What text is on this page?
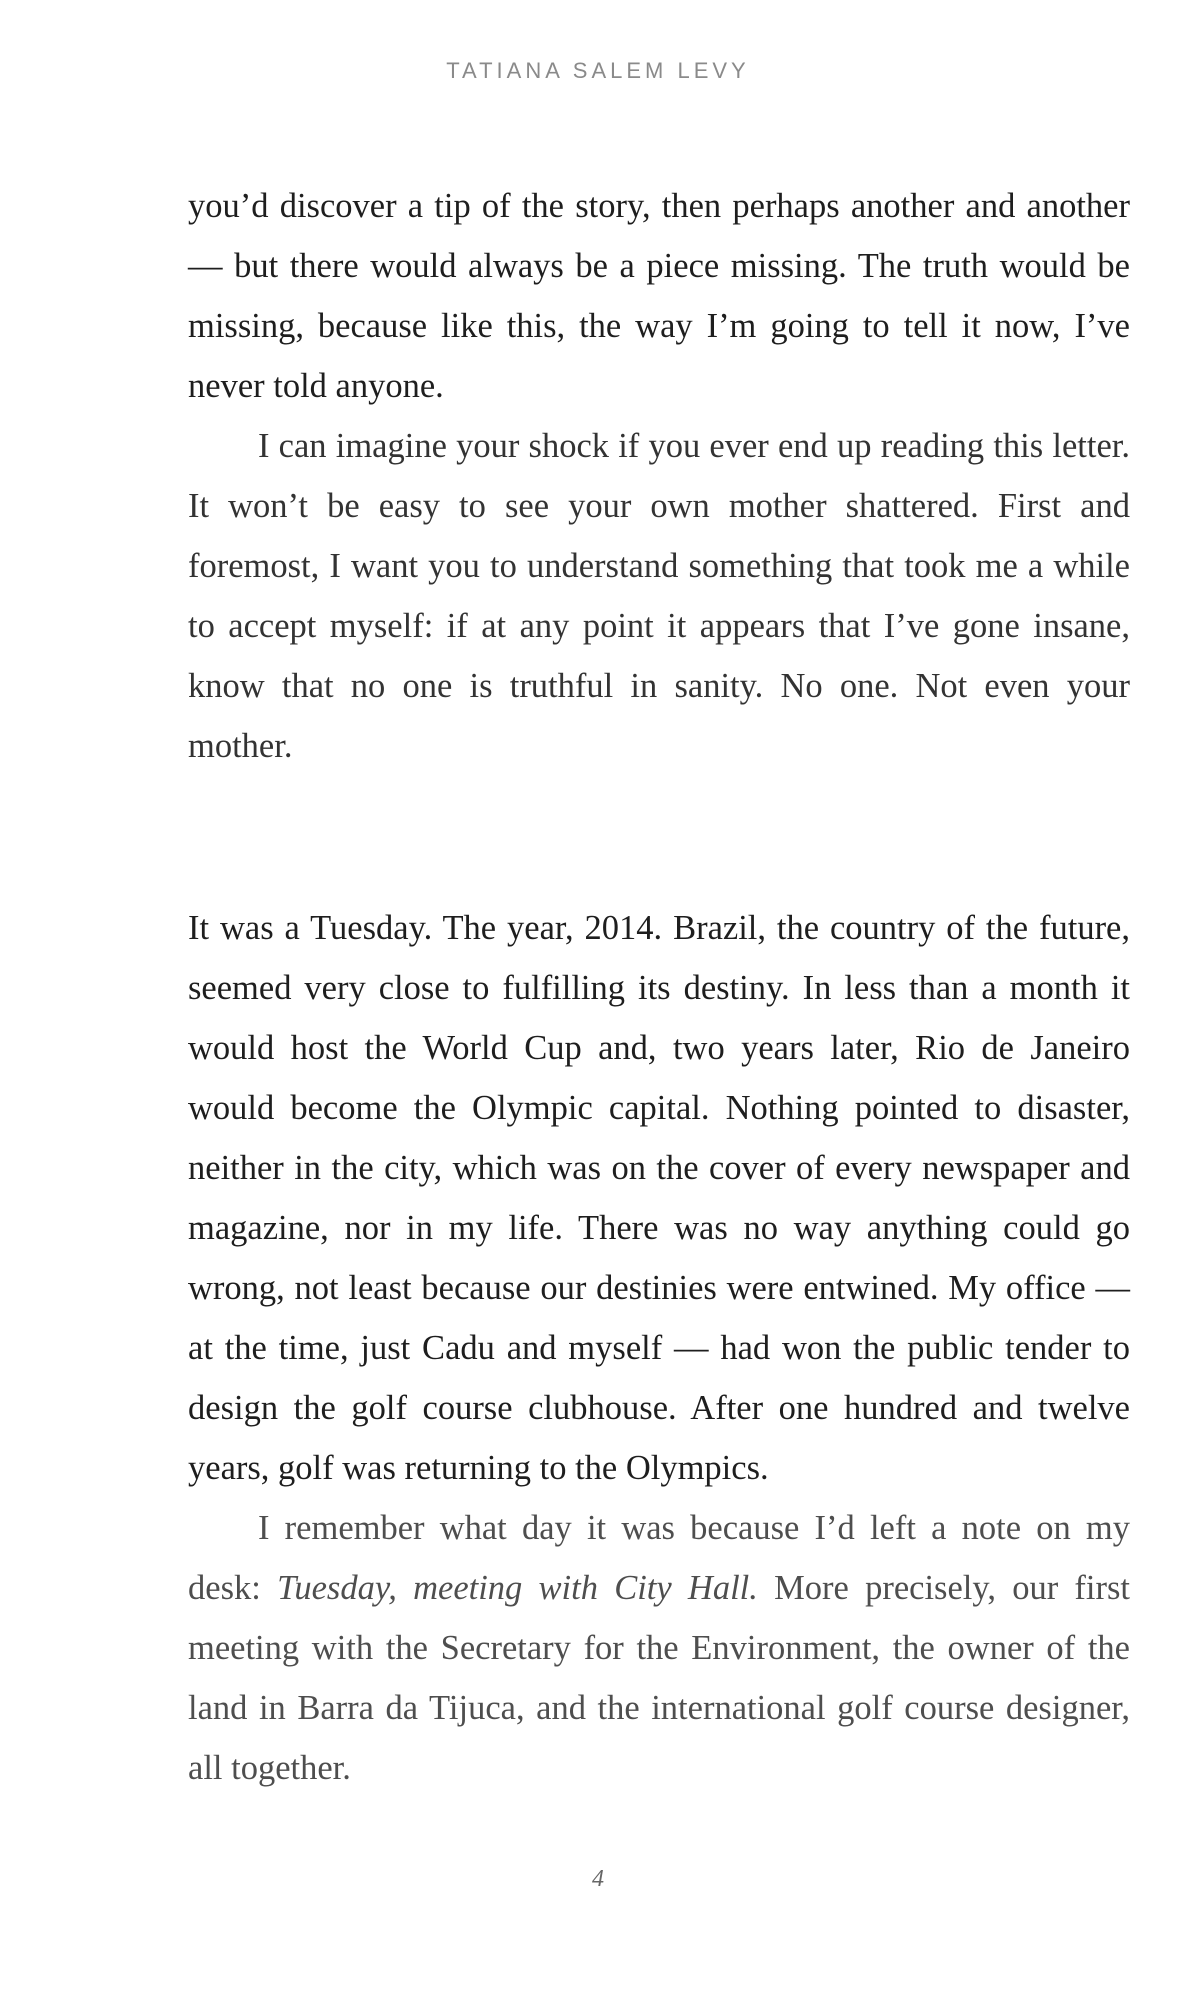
TATIANA SALEM LEVY

you’d discover a tip of the story, then perhaps another and another — but there would always be a piece missing. The truth would be missing, because like this, the way I’m going to tell it now, I’ve never told anyone.

I can imagine your shock if you ever end up reading this letter. It won’t be easy to see your own mother shattered. First and foremost, I want you to understand something that took me a while to accept myself: if at any point it appears that I’ve gone insane, know that no one is truthful in sanity. No one. Not even your mother.

It was a Tuesday. The year, 2014. Brazil, the country of the future, seemed very close to fulfilling its destiny. In less than a month it would host the World Cup and, two years later, Rio de Janeiro would become the Olympic capital. Nothing pointed to disaster, neither in the city, which was on the cover of every newspaper and magazine, nor in my life. There was no way anything could go wrong, not least because our destinies were entwined. My office — at the time, just Cadu and myself — had won the public tender to design the golf course clubhouse. After one hundred and twelve years, golf was returning to the Olympics.

I remember what day it was because I’d left a note on my desk: Tuesday, meeting with City Hall. More precisely, our first meeting with the Secretary for the Environment, the owner of the land in Barra da Tijuca, and the international golf course designer, all together.

4
